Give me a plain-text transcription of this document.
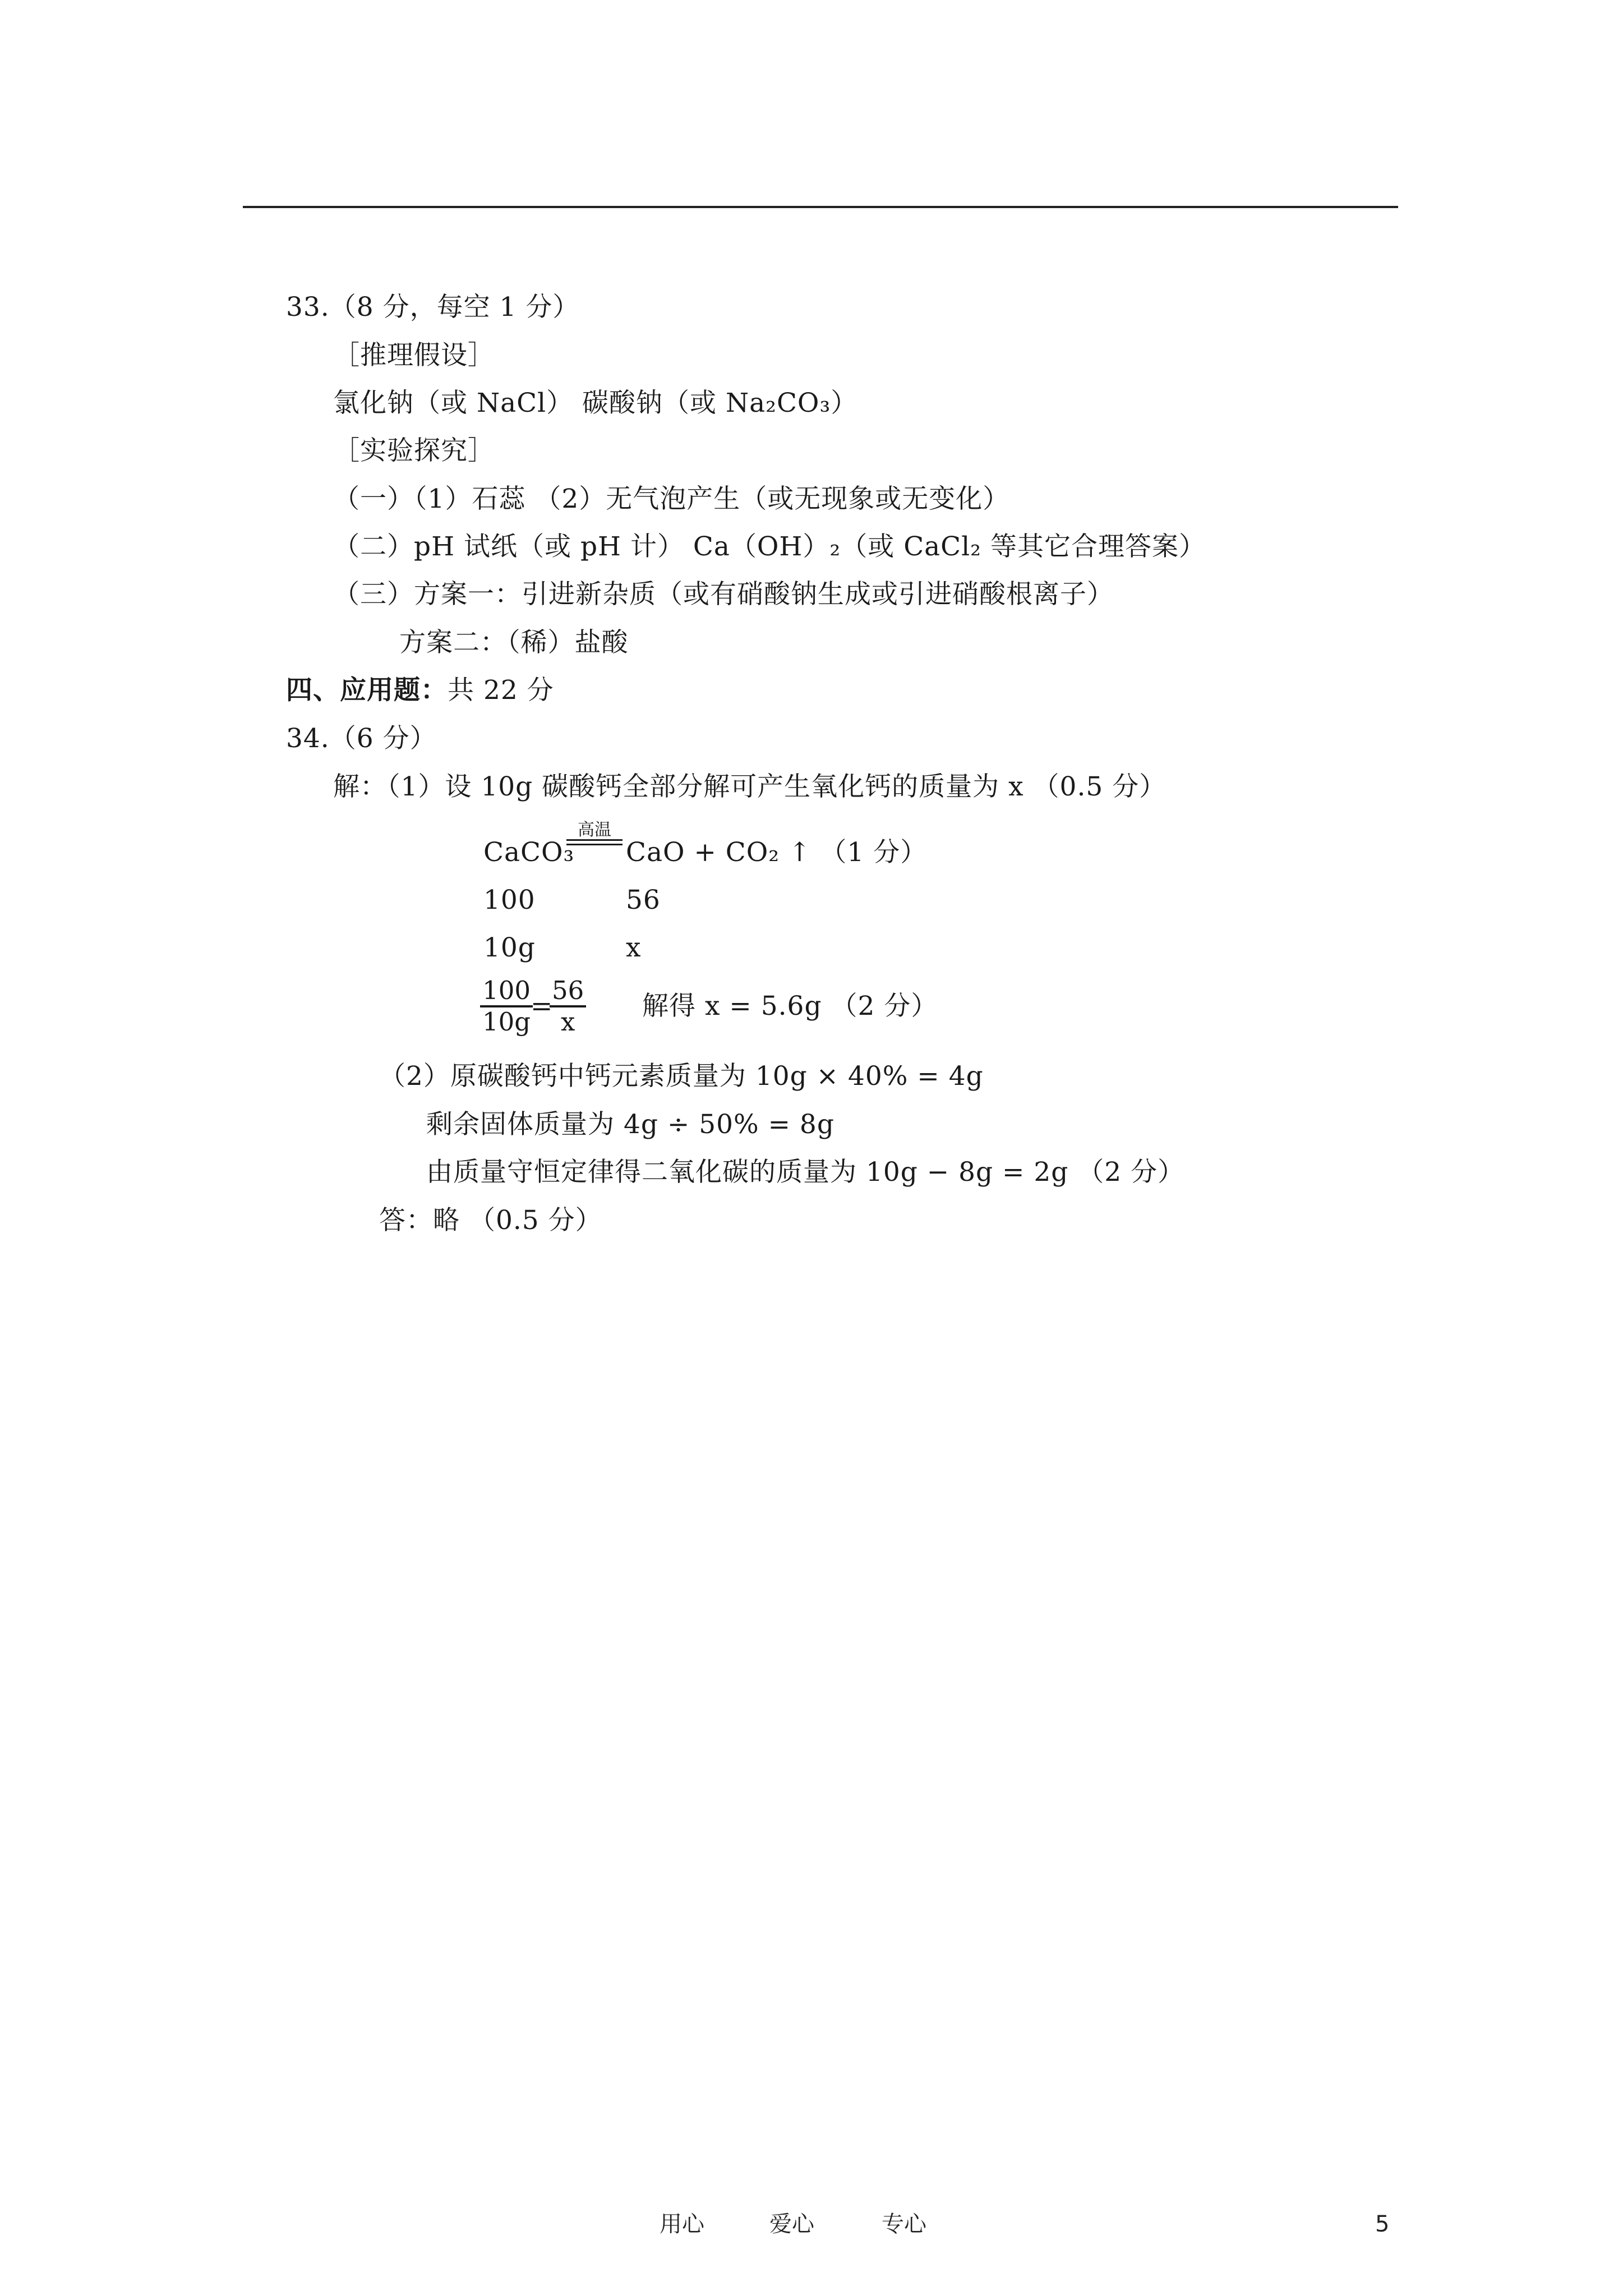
33.（8 分，每空 1 分）
［推理假设］
氯化钠（或 NaCl） 碳酸钠（或 Na₂CO₃）
［实验探究］
（一）（1）石蕊 （2）无气泡产生（或无现象或无变化）
（二）pH 试纸（或 pH 计） Ca（OH）₂（或 CaCl₂ 等其它合理答案）
（三）方案一：引进新杂质（或有硝酸钠生成或引进硝酸根离子）
方案二：（稀）盐酸
四、应用题：共 22 分
34.（6 分）
解：（1）设 10g 碳酸钙全部分解可产生氧化钙的质量为 x （0.5 分）
CaCO₃
高温
CaO + CO₂ ↑ （1 分）
100	56
10g	x
$\frac{100}{10g}$
=
$\frac{56}{x}$ 解得 x = 5.6g （2 分）
（2）原碳酸钙中钙元素质量为 10g × 40% = 4g
剩余固体质量为 4g ÷ 50% = 8g
由质量守恒定律得二氧化碳的质量为 10g − 8g = 2g （2 分）
答：略 （0.5 分）
用心	爱心	专心	5
